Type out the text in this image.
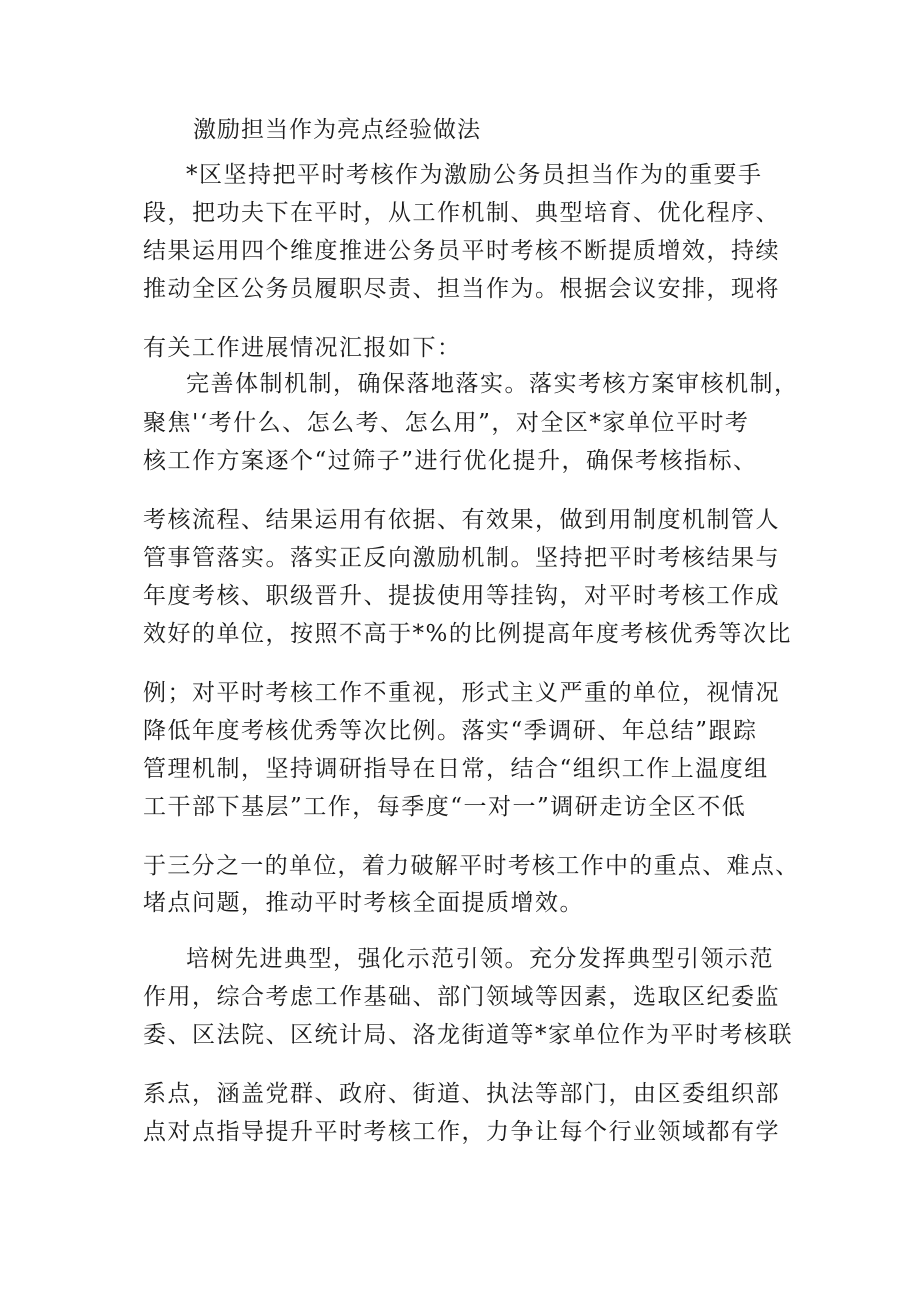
激励担当作为亮点经验做法
*区坚持把平时考核作为激励公务员担当作为的重要手
段，把功夫下在平时，从工作机制、典型培育、优化程序、
结果运用四个维度推进公务员平时考核不断提质增效，持续
推动全区公务员履职尽责、担当作为。根据会议安排，现将
有关工作进展情况汇报如下：
完善体制机制，确保落地落实。落实考核方案审核机制，
聚焦'‘考什么、怎么考、怎么用”，对全区*家单位平时考
核工作方案逐个“过筛子”进行优化提升，确保考核指标、
考核流程、结果运用有依据、有效果，做到用制度机制管人
管事管落实。落实正反向激励机制。坚持把平时考核结果与
年度考核、职级晋升、提拔使用等挂钩，对平时考核工作成
效好的单位，按照不高于*%的比例提高年度考核优秀等次比
例；对平时考核工作不重视，形式主义严重的单位，视情况
降低年度考核优秀等次比例。落实“季调研、年总结”跟踪
管理机制，坚持调研指导在日常，结合“组织工作上温度组
工干部下基层”工作，每季度“一对一”调研走访全区不低
于三分之一的单位，着力破解平时考核工作中的重点、难点、
堵点问题，推动平时考核全面提质增效。
培树先进典型，强化示范引领。充分发挥典型引领示范
作用，综合考虑工作基础、部门领域等因素，选取区纪委监
委、区法院、区统计局、洛龙街道等*家单位作为平时考核联
系点，涵盖党群、政府、街道、执法等部门，由区委组织部
点对点指导提升平时考核工作，力争让每个行业领域都有学
